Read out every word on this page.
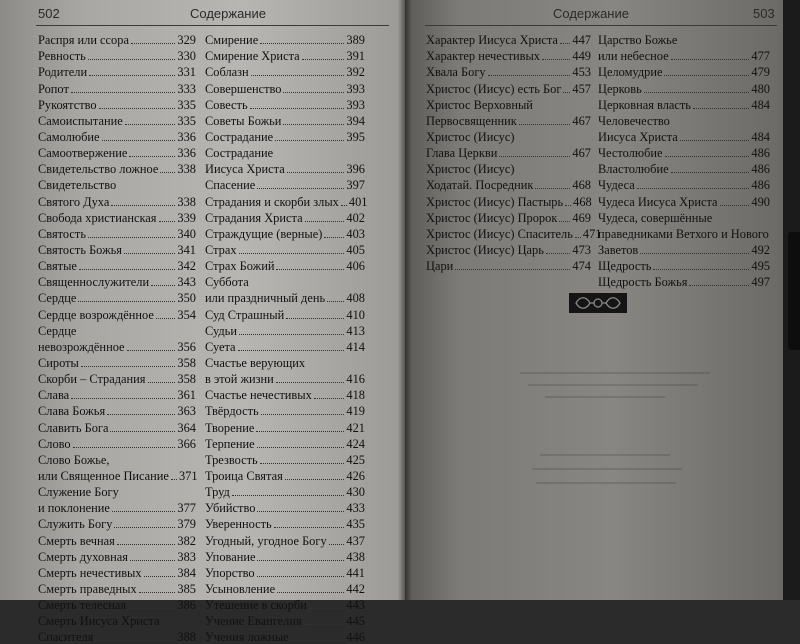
502	Содержание
Распря или ссора	329
Ревность	330
Родители	331
Ропот	333
Рукоятство	335
Самоиспытание	335
Самолюбие	336
Самоотвержение	336
Свидетельство ложное 338
Свидетельство
Святого Духа	338
Свобода христианская 339
Святость	340
Святость Божья	341
Святые	342
Священнослужители 343
Сердце	350
Сердце возрождённое 354
Сердце
невозрождённое	356
Сироты	358
Скорби – Страдания	358
Слава	361
Слава Божья	363
Славить Бога	364
Слово	366
Слово Божье,
или Священное Писание 371
Служение Богу
и поклонение	377
Служить Богу	379
Смерть вечная	382
Смерть духовная	383
Смерть нечестивых	384
Смерть праведных	385
Смерть телесная	386
Смерть Иисуса Христа
Спасителя	388
Смирение	389
Смирение Христа	391
Соблазн	392
Совершенство	393
Совесть	393
Советы Божьи	394
Сострадание	395
Сострадание
Иисуса Христа	396
Спасение	397
Страдания и скорби злых 401
Страдания Христа	402
Страждущие (верные) 403
Страх	405
Страх Божий	406
Суббота
или праздничный день 408
Суд Страшный	410
Судьи	413
Суета	414
Счастье верующих
в этой жизни	416
Счастье нечестивых	418
Твёрдость	419
Творение	421
Терпение	424
Трезвость	425
Троица Святая	426
Труд	430
Убийство	433
Уверенность	435
Угодный, угодное Богу 437
Упование	438
Упорство	441
Усыновление	442
Утешение в скорби	443
Учение Евангелия	445
Учения ложные	446
Содержание	503
Характер Иисуса Христа 447
Характер нечестивых	449
Хвала Богу	453
Христос (Иисус) есть Бог 457
Христос Верховный
Первосвященник	467
Христос (Иисус)
Глава Церкви	467
Христос (Иисус)
Ходатай. Посредник	468
Христос (Иисус) Пастырь 468
Христос (Иисус) Пророк 469
Христос (Иисус) Спаситель 471
Христос (Иисус) Царь 473
Цари	474
Царство Божье
или небесное	477
Целомудрие	479
Церковь	480
Церковная власть	484
Человечество
Иисуса Христа	484
Честолюбие	486
Властолюбие	486
Чудеса	486
Чудеса Иисуса Христа	490
Чудеса, совершённые
праведниками Ветхого и Нового
Заветов	492
Щедрость	495
Щедрость Божья	497
